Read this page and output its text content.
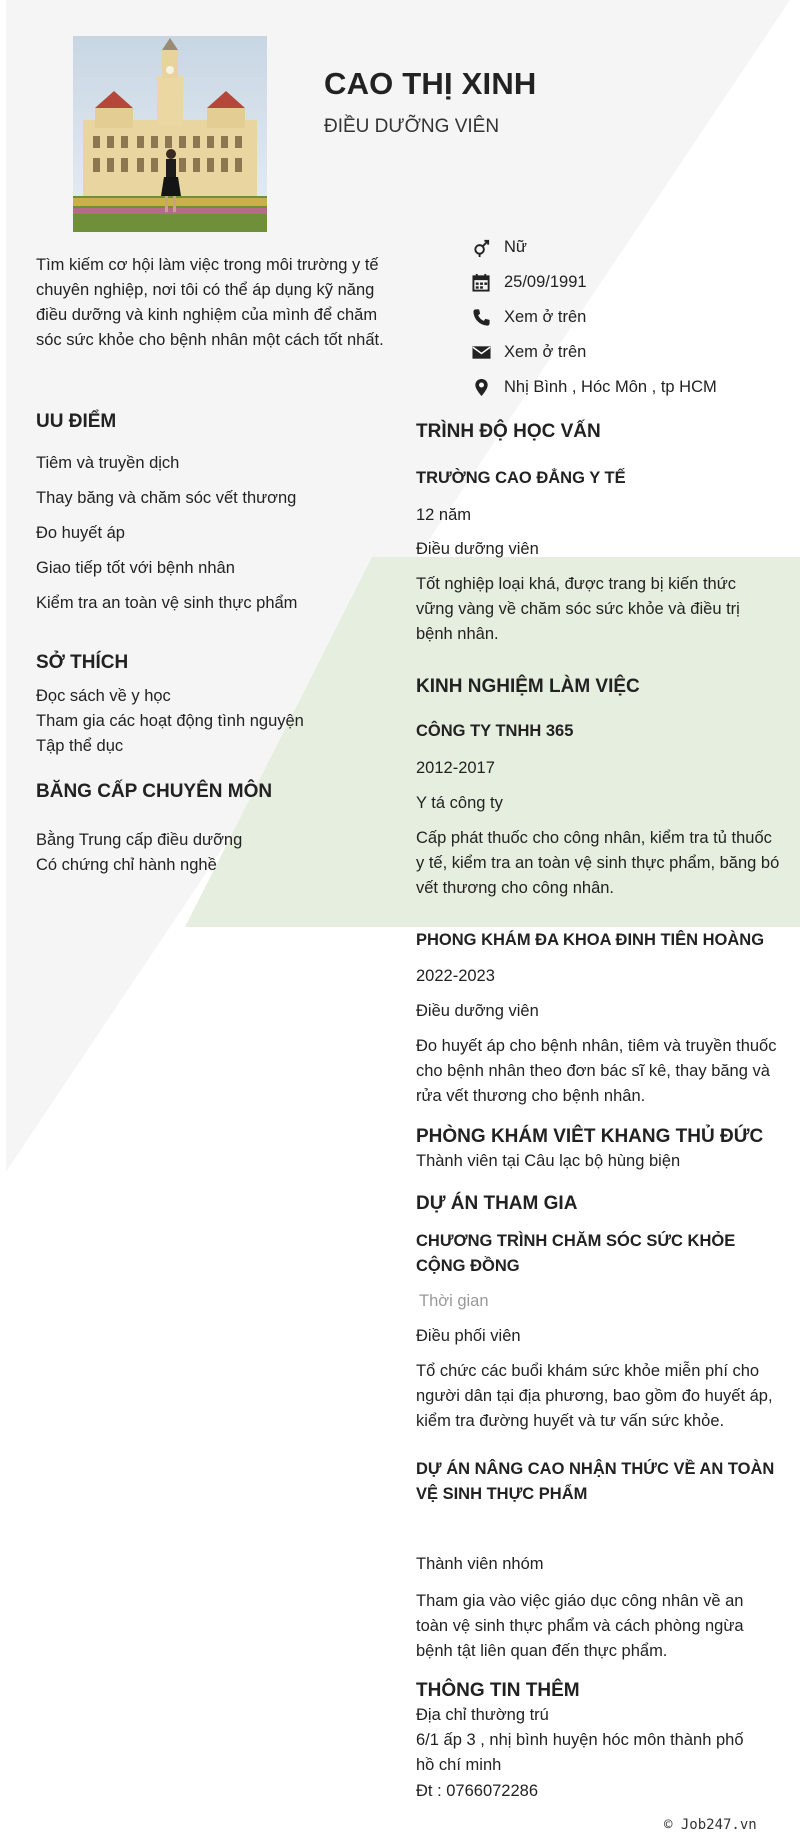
CAO THỊ XINH
ĐIỀU DƯỠNG VIÊN
Tìm kiếm cơ hội làm việc trong môi trường y tế chuyên nghiệp, nơi tôi có thể áp dụng kỹ năng điều dưỡng và kinh nghiệm của mình để chăm sóc sức khỏe cho bệnh nhân một cách tốt nhất.
Nữ
25/09/1991
Xem ở trên
Xem ở trên
Nhị Bình , Hóc Môn , tp HCM
UU ĐIỂM
Tiêm và truyền dịch
Thay băng và chăm sóc vết thương
Đo huyết áp
Giao tiếp tốt với bệnh nhân
Kiểm tra an toàn vệ sinh thực phẩm
SỞ THÍCH
Đọc sách về y học
Tham gia các hoạt động tình nguyện
Tập thể dục
BĂNG CẤP CHUYÊN MÔN
Bằng Trung cấp điều dưỡng
Có chứng chỉ hành nghề
TRÌNH ĐỘ HỌC VẤN
TRƯỜNG CAO ĐẲNG Y TẾ
12 năm
Điều dưỡng viên
Tốt nghiệp loại khá, được trang bị kiến thức vững vàng về chăm sóc sức khỏe và điều trị bệnh nhân.
KINH NGHIỆM LÀM VIỆC
CÔNG TY TNHH 365
2012-2017
Y tá công ty
Cấp phát thuốc cho công nhân, kiểm tra tủ thuốc y tế, kiểm tra an toàn vệ sinh thực phẩm, băng bó vết thương cho công nhân.
PHONG KHÁM ĐA KHOA ĐINH TIÊN HOÀNG
2022-2023
Điều dưỡng viên
Đo huyết áp cho bệnh nhân, tiêm và truyền thuốc cho bệnh nhân theo đơn bác sĩ kê, thay băng và rửa vết thương cho bệnh nhân.
PHÒNG KHÁM VIÊT KHANG THỦ ĐỨC
Thành viên tại Câu lạc bộ hùng biện
DỰ ÁN THAM GIA
CHƯƠNG TRÌNH CHĂM SÓC SỨC KHỎE CỘNG ĐỒNG
Thời gian
Điều phối viên
Tổ chức các buổi khám sức khỏe miễn phí cho người dân tại địa phương, bao gồm đo huyết áp, kiểm tra đường huyết và tư vấn sức khỏe.
DỰ ÁN NÂNG CAO NHẬN THỨC VỀ AN TOÀN VỆ SINH THỰC PHẨM
Thành viên nhóm
Tham gia vào việc giáo dục công nhân về an toàn vệ sinh thực phẩm và cách phòng ngừa bệnh tật liên quan đến thực phẩm.
THÔNG TIN THÊM
Địa chỉ thường trú
6/1 ấp 3 , nhị bình huyện hóc môn thành phố hồ chí minh
Đt : 0766072286
© Job247.vn
